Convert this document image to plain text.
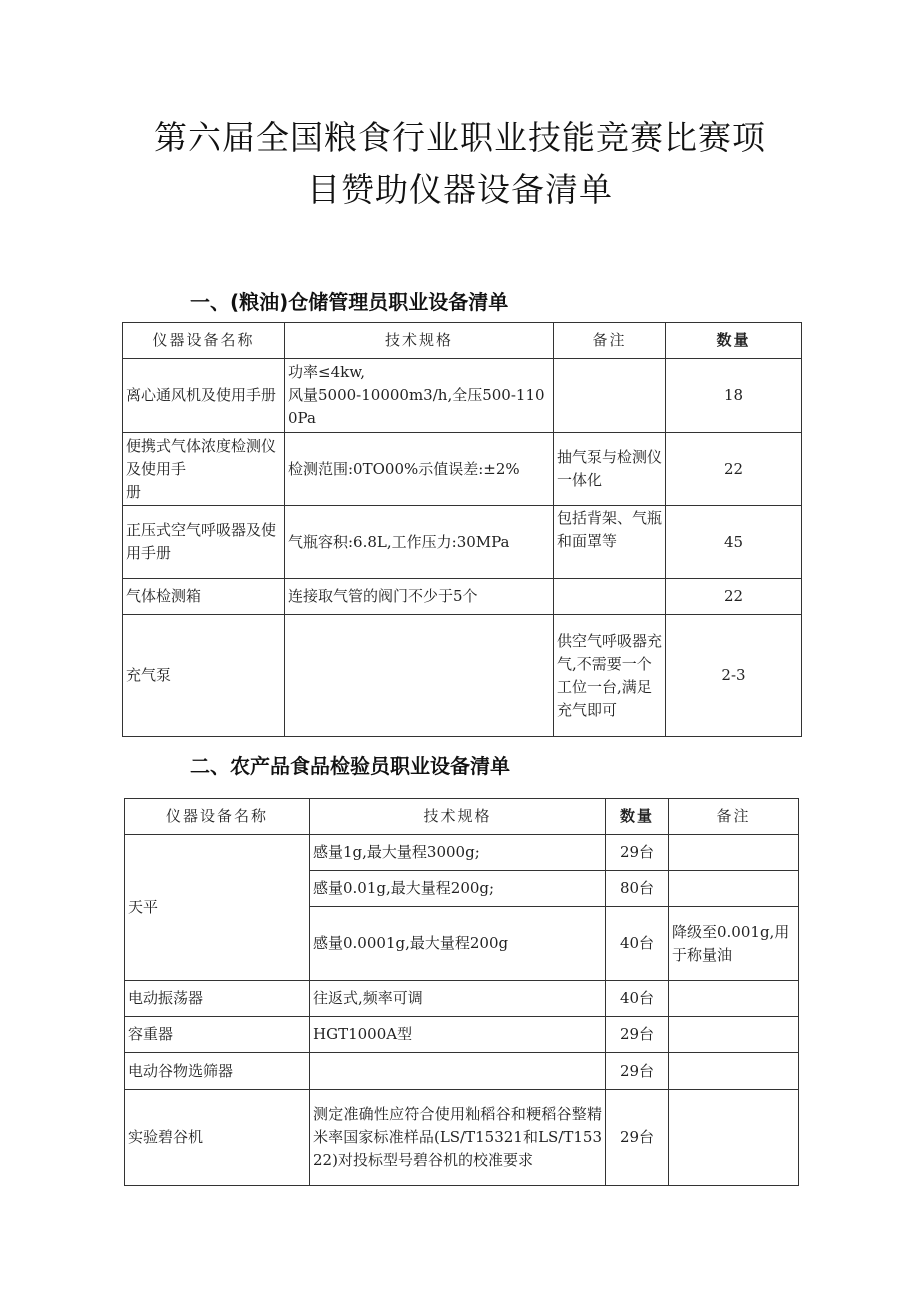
第六届全国粮食行业职业技能竞赛比赛项
目赞助仪器设备清单
一、(粮油)仓储管理员职业设备清单
仪器设备名称	技术规格	备注	数量
离心通风机及使用手册	功率≤4kw,
风量5000-10000m3/h,全压500-1100Pa		18
便携式气体浓度检测仪及使用手
册	检测范围:0TO00%示值误差:±2%	抽气泵与检测仪一体化	22
正压式空气呼吸器及使用手册	气瓶容积:6.8L,工作压力:30MPa	包括背架、气瓶和面罩等	45
气体检测箱	连接取气管的阀门不少于5个		22
充气泵		供空气呼吸器充气,不需要一个工位一台,满足充气即可	2-3
二、农产品食品检验员职业设备清单
仪器设备名称	技术规格	数量	备注
天平	感量1g,最大量程3000g;	29台	
	感量0.01g,最大量程200g;	80台	
	感量0.0001g,最大量程200g	40台	降级至0.001g,用于称量油
电动振荡器	往返式,频率可调	40台	
容重器	HGT1000A型	29台	
电动谷物选筛器		29台	
实验碧谷机	测定准确性应符合使用籼稻谷和粳稻谷整精米率国家标准样品(LS/T15321和LS/T15322)对投标型号碧谷机的校准要求	29台	
